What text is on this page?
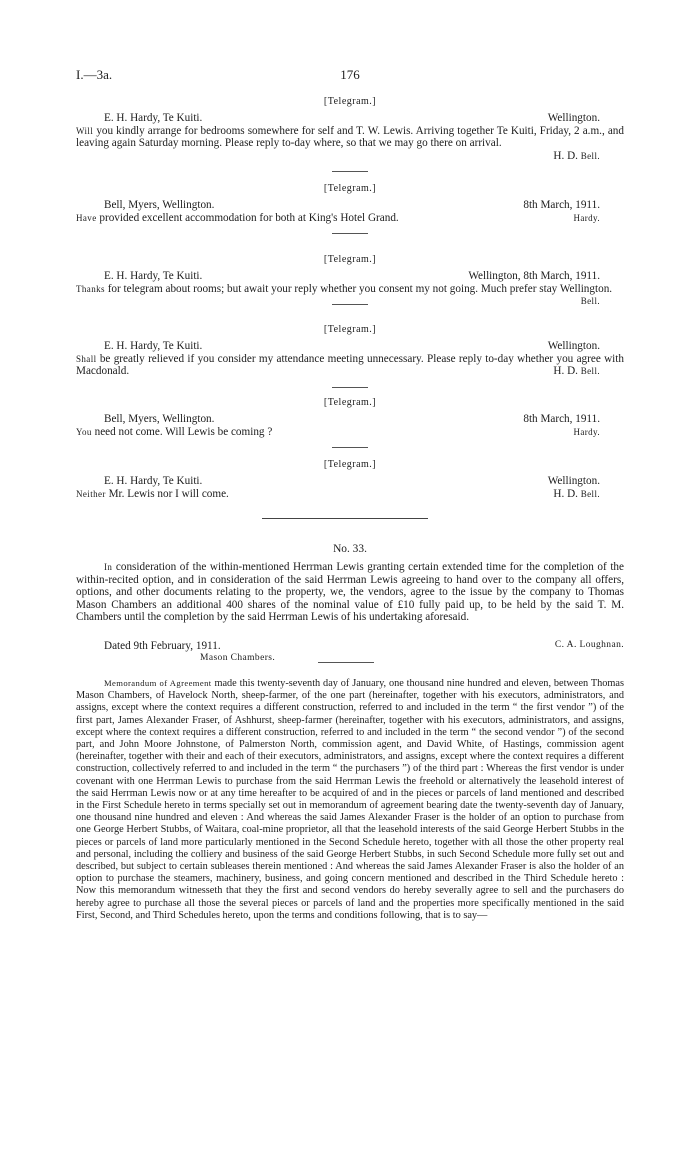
I.—3a.	176
[Telegram.]
E. H. Hardy, Te Kuiti.	Wellington.
Will you kindly arrange for bedrooms somewhere for self and T. W. Lewis. Arriving together Te Kuiti, Friday, 2 a.m., and leaving again Saturday morning. Please reply to-day where, so that we may go there on arrival.
H. D. Bell.
[Telegram.]
Bell, Myers, Wellington.	8th March, 1911.
Have provided excellent accommodation for both at King's Hotel Grand.	Hardy.
[Telegram.]
E. H. Hardy, Te Kuiti.	Wellington, 8th March, 1911.
Thanks for telegram about rooms; but await your reply whether you consent my not going. Much prefer stay Wellington.
Bell.
[Telegram.]
E. H. Hardy, Te Kuiti.	Wellington.
Shall be greatly relieved if you consider my attendance meeting unnecessary. Please reply to-day whether you agree with Macdonald.	H. D. Bell.
[Telegram.]
Bell, Myers, Wellington.	8th March, 1911.
You need not come. Will Lewis be coming ?	Hardy.
[Telegram.]
E. H. Hardy, Te Kuiti.	Wellington.
Neither Mr. Lewis nor I will come.	H. D. Bell.
No. 33.
In consideration of the within-mentioned Herrman Lewis granting certain extended time for the completion of the within-recited option, and in consideration of the said Herrman Lewis agreeing to hand over to the company all offers, options, and other documents relating to the property, we, the vendors, agree to the issue by the company to Thomas Mason Chambers an additional 400 shares of the nominal value of £10 fully paid up, to be held by the said T. M. Chambers until the completion by the said Herrman Lewis of his undertaking aforesaid.
Dated 9th February, 1911.	C. A. Loughnan.
Mason Chambers.
Memorandum of Agreement made this twenty-seventh day of January, one thousand nine hundred and eleven, between Thomas Mason Chambers, of Havelock North, sheep-farmer, of the one part (hereinafter, together with his executors, administrators, and assigns, except where the context requires a different construction, referred to and included in the term “ the first vendor ”) of the first part, James Alexander Fraser, of Ashhurst, sheep-farmer (hereinafter, together with his executors, administrators, and assigns, except where the context requires a different construction, referred to and included in the term “ the second vendor ”) of the second part, and John Moore Johnstone, of Palmerston North, commission agent, and David White, of Hastings, commission agent (hereinafter, together with their and each of their executors, administrators, and assigns, except where the context requires a different construction, collectively referred to and included in the term “ the purchasers ”) of the third part : Whereas the first vendor is under covenant with one Herrman Lewis to purchase from the said Herrman Lewis the freehold or alternatively the leasehold interest of the said Herrman Lewis now or at any time hereafter to be acquired of and in the pieces or parcels of land mentioned and described in the First Schedule hereto in terms specially set out in memorandum of agreement bearing date the twenty-seventh day of January, one thousand nine hundred and eleven : And whereas the said James Alexander Fraser is the holder of an option to purchase from one George Herbert Stubbs, of Waitara, coal-mine proprietor, all that the leasehold interests of the said George Herbert Stubbs in the pieces or parcels of land more particularly mentioned in the Second Schedule hereto, together with all those the other property real and personal, including the colliery and business of the said George Herbert Stubbs, in such Second Schedule more fully set out and described, but subject to certain subleases therein mentioned : And whereas the said James Alexander Fraser is also the holder of an option to purchase the steamers, machinery, business, and going concern mentioned and described in the Third Schedule hereto : Now this memorandum witnesseth that they the first and second vendors do hereby severally agree to sell and the purchasers do hereby agree to purchase all those the several pieces or parcels of land and the properties more specifically mentioned in the said First, Second, and Third Schedules hereto, upon the terms and conditions following, that is to say—
